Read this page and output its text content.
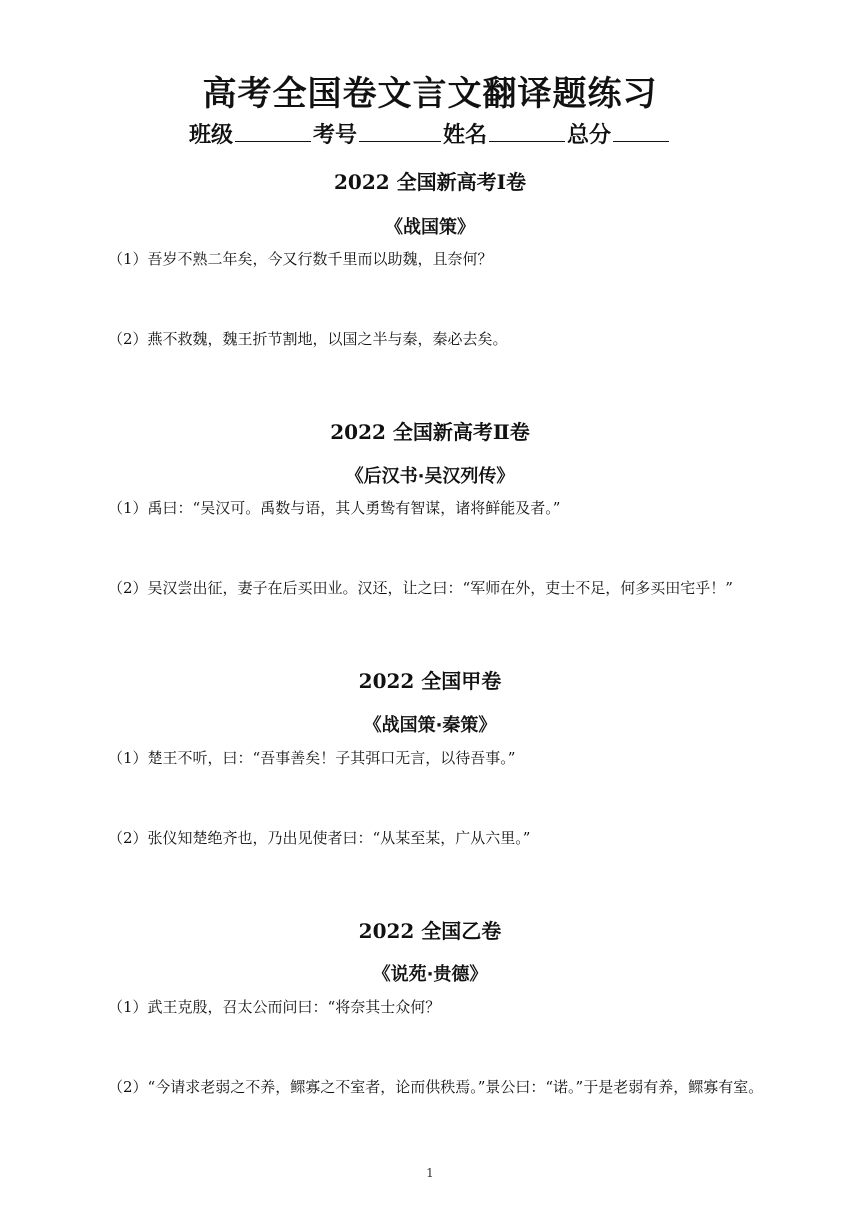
高考全国卷文言文翻译题练习
班级	考号	姓名	总分
2022 全国新高考Ⅰ卷
《战国策》
（1）吾岁不熟二年矣，今又行数千里而以助魏，且奈何？
（2）燕不救魏，魏王折节割地，以国之半与秦，秦必去矣。
2022 全国新高考Ⅱ卷
《后汉书·吴汉列传》
（1）禹曰：“吴汉可。禹数与语，其人勇鸷有智谋，诸将鲜能及者。”
（2）吴汉尝出征，妻子在后买田业。汉还，让之曰：“军师在外，吏士不足，何多买田宅乎！”
2022 全国甲卷
《战国策·秦策》
（1）楚王不听，曰：“吾事善矣！子其弭口无言，以待吾事。”
（2）张仪知楚绝齐也，乃出见使者曰：“从某至某，广从六里。”
2022 全国乙卷
《说苑·贵德》
（1）武王克殷，召太公而问曰：“将奈其士众何？
（2）“今请求老弱之不养，鳏寡之不室者，论而供秩焉。”景公曰：“诺。”于是老弱有养，鳏寡有室。
1
